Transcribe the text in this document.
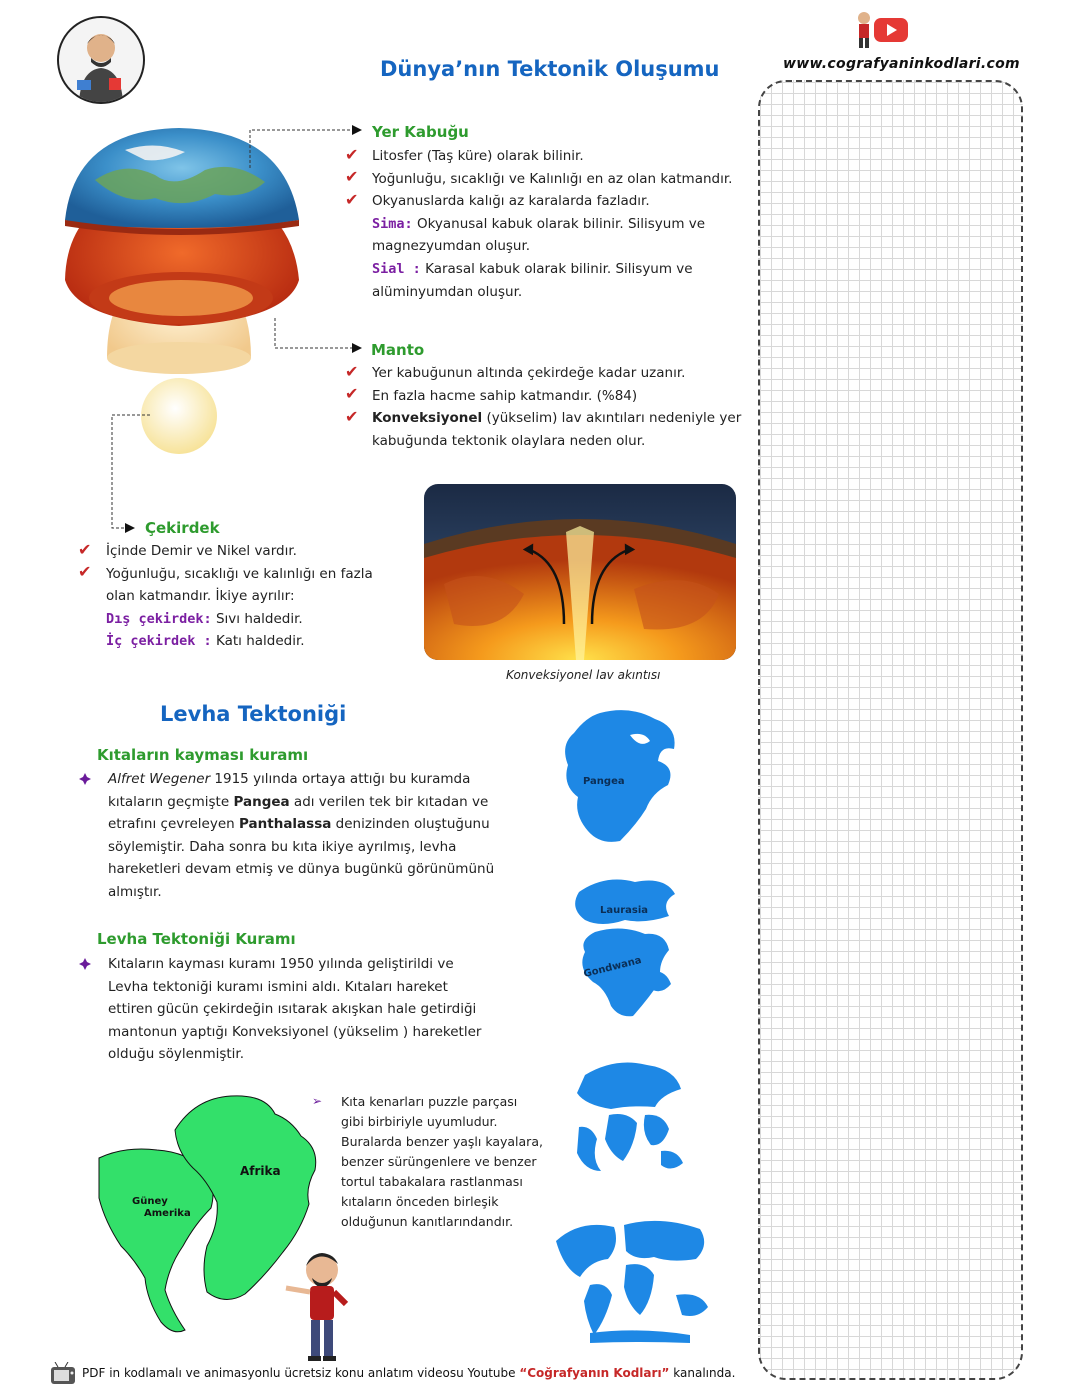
Dünya’nın Tektonik Oluşumu	www.cografyaninkodlari.com
Yer Kabuğu
✔ Litosfer (Taş küre) olarak bilinir.
✔ Yoğunluğu, sıcaklığı ve Kalınlığı en az olan katmandır.
✔ Okyanuslarda kalığı az karalarda fazladır.
Sima: Okyanusal kabuk olarak bilinir. Silisyum ve
magnezyumdan oluşur.
Sial : Karasal kabuk olarak bilinir. Silisyum ve
alüminyumdan oluşur.
Manto
✔ Yer kabuğunun altında çekirdeğe kadar uzanır.
✔ En fazla hacme sahip katmandır. (%84)
✔ Konveksiyonel (yükselim) lav akıntıları nedeniyle yer
kabuğunda tektonik olaylara neden olur.
Çekirdek
✔ İçinde Demir ve Nikel vardır.
✔ Yoğunluğu, sıcaklığı ve kalınlığı en fazla
olan katmandır. İkiye ayrılır:
Dış çekirdek: Sıvı haldedir.
İç çekirdek : Katı haldedir.
Konveksiyonel lav akıntısı
Levha Tektoniği
Kıtaların kayması kuramı
Alfret Wegener 1915 yılında ortaya attığı bu kuramda
kıtaların geçmişte Pangea adı verilen tek bir kıtadan ve
etrafını çevreleyen Panthalassa denizinden oluştuğunu
söylemiştir. Daha sonra bu kıta ikiye ayrılmış, levha
hareketleri devam etmiş ve dünya bugünkü görünümünü
almıştır.
Levha Tektoniği Kuramı
Kıtaların kayması kuramı 1950 yılında geliştirildi ve
Levha tektoniği kuramı ismini aldı. Kıtaları hareket
ettiren gücün çekirdeğin ısıtarak akışkan hale getirdiği
mantonun yaptığı Konveksiyonel (yükselim ) hareketler
olduğu söylenmiştir.
Pangea
Laurasia
Gondwana
➢ Kıta kenarları puzzle parçası
gibi birbiriyle uyumludur.
Buralarda benzer yaşlı kayalara,
benzer sürüngenlere ve benzer
tortul tabakalara rastlanması
kıtaların önceden birleşik
olduğunun kanıtlarındandır.
Afrika
Güney
Amerika
PDF in kodlamalı ve animasyonlu ücretsiz konu anlatım videosu Youtube “Coğrafyanın Kodları” kanalında.
